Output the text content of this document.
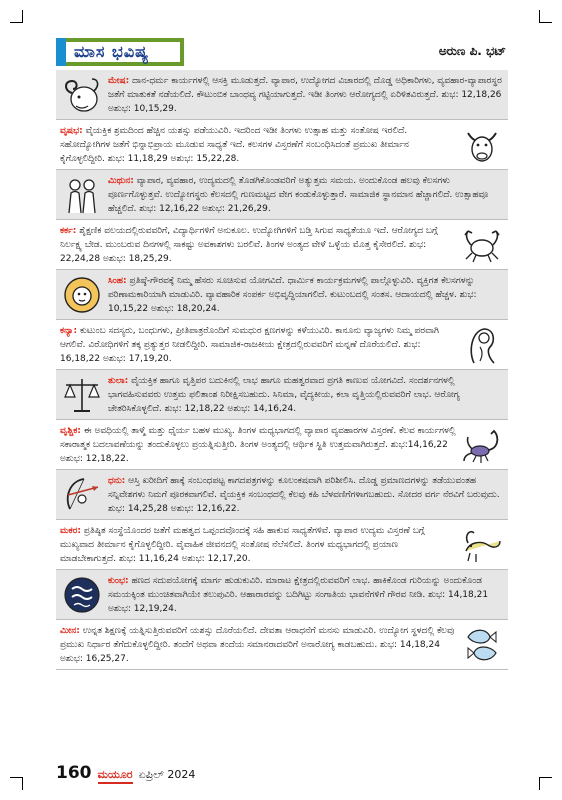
ಮಾಸ ಭವಿಷ್ಯ	ಅರುಣ ಪಿ. ಭಟ್
ಮೇಷ: ದಾನ-ಧರ್ಮ ಕಾರ್ಯಗಳಲ್ಲಿ ಆಸಕ್ತಿ ಮೂಡುತ್ತದೆ. ವ್ಯಾಪಾರ, ಉದ್ಯೋಗದ ವಿಚಾರದಲ್ಲಿ ದೊಡ್ಡ ಅಧಿಕಾರಿಗಳು, ವ್ಯವಹಾರ-ವ್ಯಾಪಾರಸ್ಥರ ಜತೆಗೆ ಮಾತುಕತೆ ನಡೆಯಲಿದೆ. ಕೌಟುಂಬಿಕ ಬಾಂಧವ್ಯ ಗಟ್ಟಿಯಾಗುತ್ತದೆ. ಇಡೀ ತಿಂಗಳು ಆರೋಗ್ಯದಲ್ಲಿ ಏರಿಳಿತವಿರುತ್ತದೆ. ಶುಭ: 12,18,26 ಅಶುಭ: 10,15,29.
ವೃಷಭ: ವೈಯಕ್ತಿಕ ಶ್ರಮದಿಂದ ಹೆಚ್ಚಿನ ಯಶಸ್ಸು ಪಡೆಯುವಿರಿ. ಇದರಿಂದ ಇಡೀ ತಿಂಗಳು ಉತ್ಸಾಹ ಮತ್ತು ಸಂತೋಷ ಇರಲಿದೆ. ಸಹೋದ್ಯೋಗಿಗಳ ಜತೆಗೆ ಭಿನ್ನಾಭಿಪ್ರಾಯ ಮೂಡುವ ಸಾಧ್ಯತೆ ಇದೆ. ಕಲಸಗಳ ವಿಸ್ತರಣೆಗೆ ಸಂಬಂಧಿಸಿದಂತೆ ಪ್ರಮುಖ ತೀರ್ಮಾನ ಕೈಗೊಳ್ಳಲಿದ್ದೀರಿ. ಶುಭ: 11,18,29 ಅಶುಭ: 15,22,28.
ಮಿಥುನ: ವ್ಯಾಪಾರ, ವ್ಯವಹಾರ, ಉದ್ಯಮದಲ್ಲಿ ತೊಡಗಿಕೊಂಡವರಿಗೆ ಅತ್ಯುತ್ತಮ ಸಮಯ. ಅಂದುಕೊಂಡ ಹಲವು ಕೆಲಸಗಳು ಪೂರ್ಣಗೊಳ್ಳುತ್ತವೆ. ಉದ್ಯೋಗಸ್ಥರು ಕೆಲಸದಲ್ಲಿ ಗುಣಮಟ್ಟದ ವೇಗ ಕಂಡುಕೊಳ್ಳುತ್ತಾರೆ. ಸಾಮಾಜಿಕ ಸ್ಥಾನಮಾನ ಹೆಚ್ಚಾಗಲಿದೆ. ಉತ್ಸಾಹವೂ ಹೆಚ್ಚಲಿದೆ. ಶುಭ: 12,16,22 ಅಶುಭ: 21,26,29.
ಕರ್ಕ: ಶೈಕ್ಷಣಿಕ ವಲಯದಲ್ಲಿರುವವರಿಗೆ, ವಿದ್ಯಾರ್ಥಿಗಳಿಗೆ ಅನುಕೂಲ. ಉದ್ಯೋಗಿಗಳಿಗೆ ಬಡ್ತಿ ಸಿಗುವ ಸಾಧ್ಯತೆಯೂ ಇದೆ. ಆರೋಗ್ಯದ ಬಗ್ಗೆ ನಿರ್ಲಕ್ಷ್ಯ ಬೇಡ. ಮುಂಬರುವ ದಿನಗಳಲ್ಲಿ ಸಾಕಷ್ಟು ಅವಕಾಶಗಳು ಬರಲಿವೆ. ತಿಂಗಳ ಅಂತ್ಯದ ವೇಳೆ ಒಳ್ಳೆಯ ಮೊತ್ತ ಕೈಸೇರಲಿದೆ. ಶುಭ: 22,24,28 ಅಶುಭ: 18,25,29.
ಸಿಂಹ: ಪ್ರತಿಷ್ಠೆ-ಗೌರವಕ್ಕೆ ನಿಮ್ಮ ಹೆಸರು ಸೂಚಿಸುವ ಯೋಗವಿದೆ. ಧಾರ್ಮಿಕ ಕಾರ್ಯಕ್ರಮಗಳಲ್ಲಿ ಪಾಲ್ಗೊಳ್ಳುವಿರಿ. ವ್ಯಕ್ತಿಗತ ಕೆಲಸಗಳನ್ನು ಪರಿಣಾಮಕಾರಿಯಾಗಿ ಮಾಡುವಿರಿ. ವ್ಯಾವಹಾರಿಕ ಸಂಪರ್ಕ ಅಭಿವೃದ್ಧಿಯಾಗಲಿದೆ. ಕುಟುಂಬದಲ್ಲಿ ಸಂತಸ. ಆದಾಯದಲ್ಲಿ ಹೆಚ್ಚಳ. ಶುಭ: 10,15,22 ಅಶುಭ: 18,20,24.
ಕನ್ಯಾ: ಕುಟುಂಬ ಸದಸ್ಯರು, ಬಂಧುಗಳು, ಪ್ರೀತಿಪಾತ್ರರೊಂದಿಗೆ ಸುಮಧುರ ಕ್ಷಣಗಳನ್ನು ಕಳೆಯುವಿರಿ. ಕಾನೂನು ವ್ಯಾಜ್ಯಗಳು ನಿಮ್ಮ ಪರವಾಗಿ ಆಗಲಿವೆ. ವಿರೋಧಿಗಳಿಗೆ ತಕ್ಕ ಪ್ರತ್ಯುತ್ತರ ನೀಡಲಿದ್ದೀರಿ. ಸಾಮಾಜಿಕ-ರಾಜಕೀಯ ಕ್ಷೇತ್ರದಲ್ಲಿರುವವರಿಗೆ ಮನ್ನಣೆ ದೊರೆಯಲಿದೆ. ಶುಭ: 16,18,22 ಅಶುಭ: 17,19,20.
ತುಲಾ: ವೈಯಕ್ತಿಕ ಹಾಗೂ ವೃತ್ತಿಪರ ಬದುಕಿನಲ್ಲಿ ಲಾಭ ಹಾಗೂ ಮಹತ್ವರವಾದ ಪ್ರಗತಿ ಕಾಣುವ ಯೋಗವಿದೆ. ಸಂದರ್ಶನಗಳಲ್ಲಿ ಭಾಗವಹಿಸುವವರು ಉತ್ತಮ ಫಲಿತಾಂಶ ನಿರೀಕ್ಷಿಸಬಹುದು. ಸಿನಿಮಾ, ವೈದ್ಯಕೀಯ, ಕಲಾ ವೃತ್ತಿಯಲ್ಲಿರುವವರಿಗೆ ಲಾಭ. ಆರೋಗ್ಯ ಚೇತರಿಸಿಕೊಳ್ಳಲಿದೆ. ಶುಭ: 12,18,22 ಅಶುಭ: 14,16,24.
ವೃಶ್ಚಿಕ: ಈ ಅವಧಿಯಲ್ಲಿ ತಾಳ್ಮೆ ಮತ್ತು ಧೈರ್ಯ ಬಹಳ ಮುಖ್ಯ. ತಿಂಗಳ ಮಧ್ಯಭಾಗದಲ್ಲಿ ವ್ಯಾಪಾರ ವ್ಯವಹಾರಗಳ ವಿಸ್ತರಣೆ. ಕೆಲವ ಕಾರ್ಯಗಳಲ್ಲಿ ಸಕಾರಾತ್ಮಕ ಬದಲಾವಣೆಯನ್ನು ತಂದುಕೊಳ್ಳಲು ಪ್ರಯತ್ನಿಸುತ್ತೀರಿ. ತಿಂಗಳ ಅಂತ್ಯದಲ್ಲಿ ಆರ್ಥಿಕ ಸ್ಥಿತಿ ಉತ್ತಮವಾಗಿರುತ್ತದೆ. ಶುಭ:14,16,22 ಅಶುಭ: 12,18,22.
ಧನು: ಆಸ್ತಿ ಖರೀದಿಗೆ ಹಾಕ್ಕೆ ಸಂಬಂಧಪಟ್ಟ ಕಾಗದಪತ್ರಗಳನ್ನು ಕೂಲಂಕಷವಾಗಿ ಪರಿಶೀಲಿಸಿ. ದೊಡ್ಡ ಪ್ರಮಾಣದಗಳನ್ನು ತಡೆಯುವಂತಹ ಸನ್ನಿವೇಶಗಳು ನಿಮಗೆ ಪೂರಕವಾಗಲಿವೆ. ವೈಯಕ್ತಿಕ ಸಂಬಂಧದಲ್ಲಿ ಕೆಲವು ಕಹಿ ಬೆಳವಣಿಗೆಗಳಾಗಬಹುದು. ಸೋದರ ವರ್ಗ ನೆರವಿಗೆ ಬರುವುದು. ಶುಭ: 14,25,28 ಅಶುಭ: 12,16,22.
ಮಕರ: ಪ್ರತಿಷ್ಠಿತ ಸಂಸ್ಥೆಯೊಂದರ ಜತೆಗೆ ಮಹತ್ವದ ಒಪ್ಪಂದವೊಂದಕ್ಕೆ ಸಹಿ ಹಾಕುವ ಸಾಧ್ಯತೆಗಳಿವೆ. ವ್ಯಾಪಾರ ಉದ್ಯಮ ವಿಸ್ತರಣೆ ಬಗ್ಗೆ ಮುಖ್ಯವಾದ ತೀರ್ಮಾನ ಕೈಗೊಳ್ಳಲಿದ್ದೀರಿ. ವೈವಾಹಿಕ ಜೀವನದಲ್ಲಿ ಸಂತೋಷ ನೆಲೆಸಲಿದೆ. ತಿಂಗಳ ಮಧ್ಯಭಾಗದಲ್ಲಿ ಪ್ರಯಾಣ ಮಾಡಬೇಕಾಗುತ್ತದೆ. ಶುಭ: 11,16,24 ಅಶುಭ: 12,17,20.
ಕುಂಭ: ಹಣದ ಸದುಪಯೋಗಕ್ಕೆ ಮಾರ್ಗ ಹುಡುಕುವಿರಿ. ಮಾರಾಟ ಕ್ಷೇತ್ರದಲ್ಲಿರುವವರಿಗೆ ಲಾಭ. ಹಾಕಿಕೊಂಡ ಗುರಿಯನ್ನು ಅಂದುಕೊಂಡ ಸಮಯಕ್ಕಿಂತ ಮುಂಚಿತವಾಗಿಯೇ ತಲುಪುವಿರಿ. ಆಹಾರಾರವನ್ನು ಬದಿಗಿಟ್ಟು ಸಂಗಾತಿಯ ಭಾವನೆಗಳಿಗೆ ಗೌರವ ನೀಡಿ. ಶುಭ: 14,18,21 ಅಶುಭ: 12,19,24.
ಮೀನ: ಉನ್ನತ ಶಿಕ್ಷಣಕ್ಕೆ ಯತ್ನಿಸುತ್ತಿರುವವರಿಗೆ ಯಶಸ್ಸು ದೊರೆಯಲಿದೆ. ದೇವತಾ ಆರಾಧನೆಗೆ ಮನಸು ಮಾಡುವಿರಿ. ಉದ್ಯೋಗ ಸ್ಥಳದಲ್ಲಿ ಕೆಲವು ಪ್ರಮುಖ ನಿರ್ಧಾರ ತೆಗೆದುಕೊಳ್ಳಲಿದ್ದೀರಿ. ತಂದೆಗೆ ಅಥವಾ ತಂದೆಯ ಸಮಾನರಾದವರಿಗೆ ಅನಾರೋಗ್ಯ ಕಾಡಬಹುದು. ಶುಭ: 14,18,24 ಅಶುಭ: 16,25,27.
160 ಮಯೂರ ಏಪ್ರಿಲ್ 2024
